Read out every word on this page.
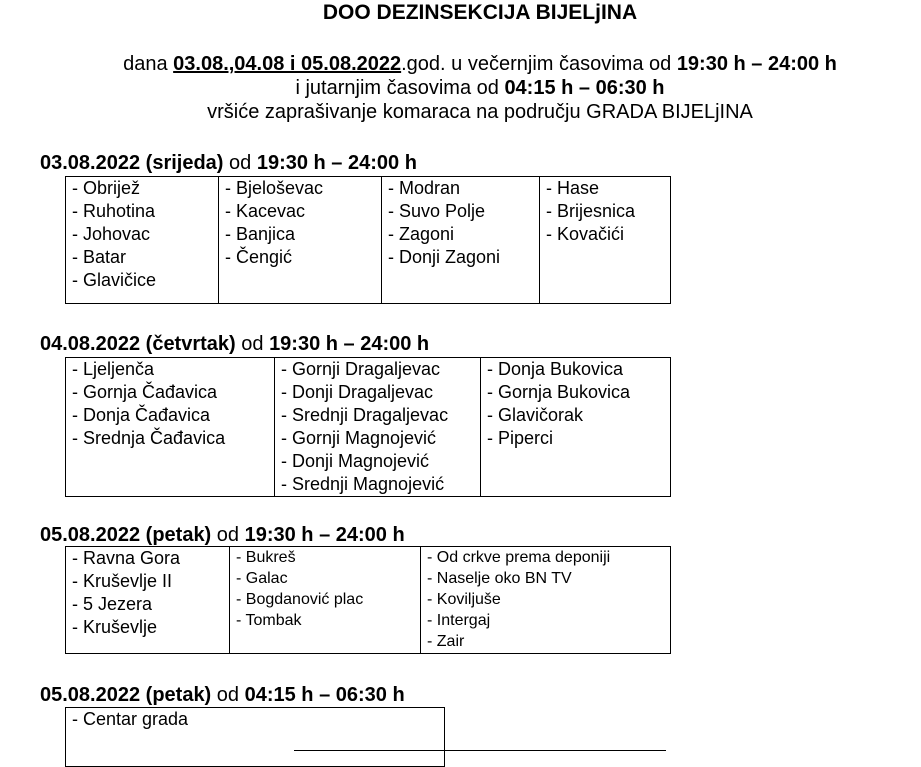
DOO DEZINSEKCIJA BIJELjINA
dana 03.08.,04.08 i 05.08.2022.god. u večernjim časovima od 19:30 h – 24:00 h
i jutarnjim časovima od 04:15 h – 06:30 h
vršiće zaprašivanje komaraca na području GRADA BIJELjINA
03.08.2022 (srijeda) od 19:30 h – 24:00 h
- Obrijež
- Ruhotina
- Johovac
- Batar
- Glavičice

- Bjeloševac
- Kacevac
- Banjica
- Čengić

- Modran
- Suvo Polje
- Zagoni
- Donji Zagoni

- Hase
- Brijesnica
- Kovačići
04.08.2022 (četvrtak) od 19:30 h – 24:00 h
- Ljeljenča
- Gornja Čađavica
- Donja Čađavica
- Srednja Čađavica

- Gornji Dragaljevac
- Donji Dragaljevac
- Srednji Dragaljevac
- Gornji Magnojević
- Donji Magnojević
- Srednji Magnojević

- Donja Bukovica
- Gornja Bukovica
- Glavičorak
- Piperci
05.08.2022 (petak) od 19:30 h – 24:00 h
- Ravna Gora
- Kruševlje II
- 5 Jezera
- Kruševlje

- Bukreš
- Galac
- Bogdanović plac
- Tombak

- Od crkve prema deponiji
- Naselje oko BN TV
- Koviljuše
- Intergaj
- Zair
05.08.2022 (petak) od 04:15 h – 06:30 h
- Centar grada
